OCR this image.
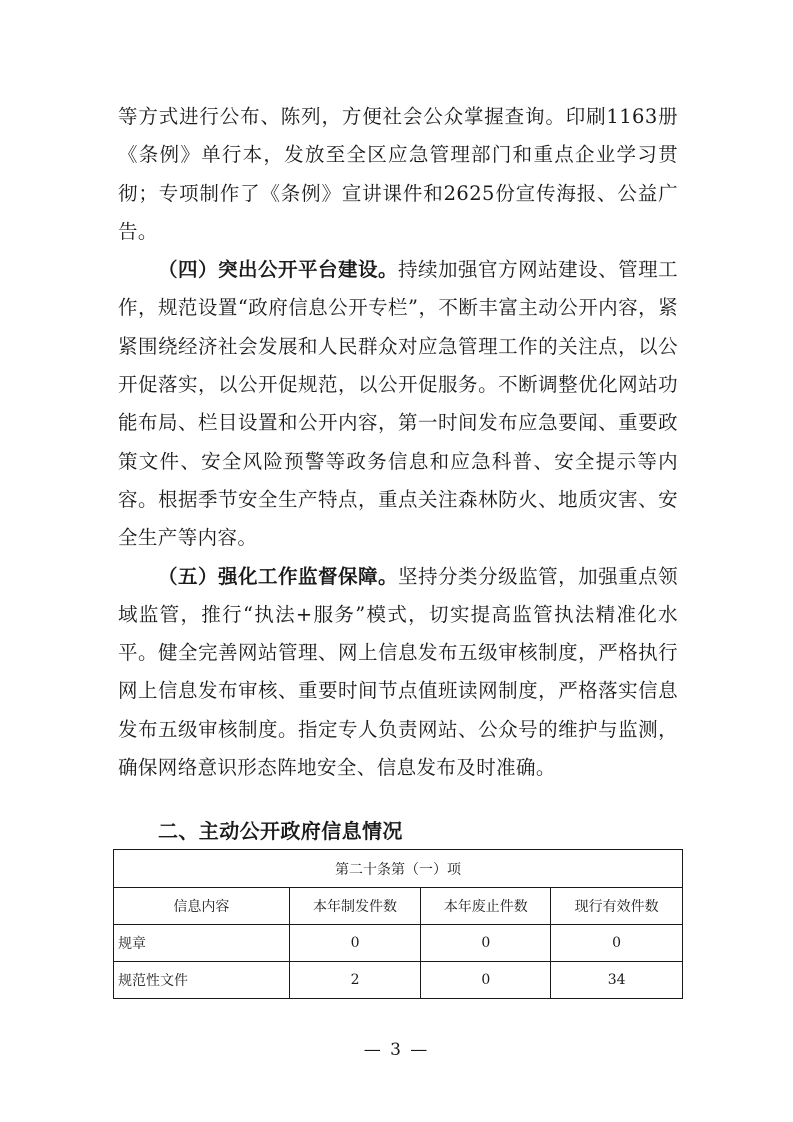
等方式进行公布、陈列，方便社会公众掌握查询。印刷1163册《条例》单行本，发放至全区应急管理部门和重点企业学习贯彻；专项制作了《条例》宣讲课件和2625份宣传海报、公益广告。

（四）突出公开平台建设。持续加强官方网站建设、管理工作，规范设置“政府信息公开专栏”，不断丰富主动公开内容，紧紧围绕经济社会发展和人民群众对应急管理工作的关注点，以公开促落实，以公开促规范，以公开促服务。不断调整优化网站功能布局、栏目设置和公开内容，第一时间发布应急要闻、重要政策文件、安全风险预警等政务信息和应急科普、安全提示等内容。根据季节安全生产特点，重点关注森林防火、地质灾害、安全生产等内容。

（五）强化工作监督保障。坚持分类分级监管，加强重点领域监管，推行“执法+服务”模式，切实提高监管执法精准化水平。健全完善网站管理、网上信息发布五级审核制度，严格执行网上信息发布审核、重要时间节点值班读网制度，严格落实信息发布五级审核制度。指定专人负责网站、公众号的维护与监测，确保网络意识形态阵地安全、信息发布及时准确。

二、主动公开政府信息情况
第二十条第（一）项			
信息内容	本年制发件数	本年废止件数	现行有效件数
规章	0	0	0
规范性文件	2	0	34
— 3 —
